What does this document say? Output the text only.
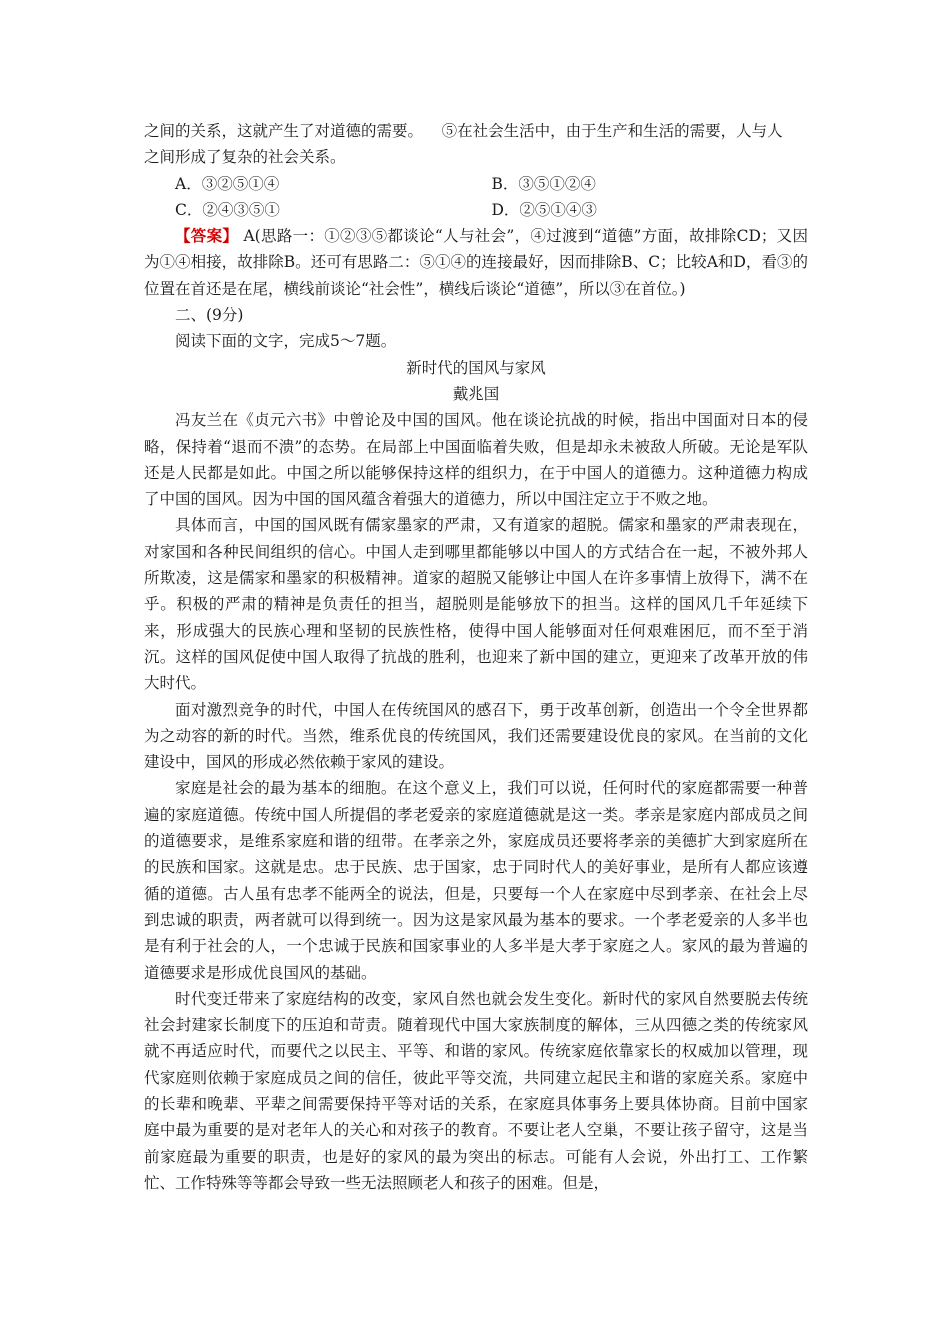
之间的关系，这就产生了对道德的需要。 ⑤在社会生活中，由于生产和生活的需要，人与人

之间形成了复杂的社会关系。

A．③②⑤①④	B．③⑤①②④
C．②④③⑤①	D．②⑤①④③

【答案】 A(思路一：①②③⑤都谈论“人与社会”，④过渡到“道德”方面，故排除CD；又因为①④相接，故排除B。还可有思路二：⑤①④的连接最好，因而排除B、C；比较A和D，看③的位置在首还是在尾，横线前谈论“社会性”，横线后谈论“道德”，所以③在首位。)

二、(9分)

阅读下面的文字，完成5～7题。

新时代的国风与家风

戴兆国

冯友兰在《贞元六书》中曾论及中国的国风。他在谈论抗战的时候，指出中国面对日本的侵略，保持着“退而不溃”的态势。在局部上中国面临着失败，但是却永未被敌人所破。无论是军队还是人民都是如此。中国之所以能够保持这样的组织力，在于中国人的道德力。这种道德力构成了中国的国风。因为中国的国风蕴含着强大的道德力，所以中国注定立于不败之地。

具体而言，中国的国风既有儒家墨家的严肃，又有道家的超脱。儒家和墨家的严肃表现在，对家国和各种民间组织的信心。中国人走到哪里都能够以中国人的方式结合在一起，不被外邦人所欺凌，这是儒家和墨家的积极精神。道家的超脱又能够让中国人在许多事情上放得下，满不在乎。积极的严肃的精神是负责任的担当，超脱则是能够放下的担当。这样的国风几千年延续下来，形成强大的民族心理和坚韧的民族性格，使得中国人能够面对任何艰难困厄，而不至于消沉。这样的国风促使中国人取得了抗战的胜利，也迎来了新中国的建立，更迎来了改革开放的伟大时代。

面对激烈竞争的时代，中国人在传统国风的感召下，勇于改革创新，创造出一个令全世界都为之动容的新的时代。当然，维系优良的传统国风，我们还需要建设优良的家风。在当前的文化建设中，国风的形成必然依赖于家风的建设。

家庭是社会的最为基本的细胞。在这个意义上，我们可以说，任何时代的家庭都需要一种普遍的家庭道德。传统中国人所提倡的孝老爱亲的家庭道德就是这一类。孝亲是家庭内部成员之间的道德要求，是维系家庭和谐的纽带。在孝亲之外，家庭成员还要将孝亲的美德扩大到家庭所在的民族和国家。这就是忠。忠于民族、忠于国家，忠于同时代人的美好事业，是所有人都应该遵循的道德。古人虽有忠孝不能两全的说法，但是，只要每一个人在家庭中尽到孝亲、在社会上尽到忠诚的职责，两者就可以得到统一。因为这是家风最为基本的要求。一个孝老爱亲的人多半也是有利于社会的人，一个忠诚于民族和国家事业的人多半是大孝于家庭之人。家风的最为普遍的道德要求是形成优良国风的基础。

时代变迁带来了家庭结构的改变，家风自然也就会发生变化。新时代的家风自然要脱去传统社会封建家长制度下的压迫和苛责。随着现代中国大家族制度的解体，三从四德之类的传统家风就不再适应时代，而要代之以民主、平等、和谐的家风。传统家庭依靠家长的权威加以管理，现代家庭则依赖于家庭成员之间的信任，彼此平等交流，共同建立起民主和谐的家庭关系。家庭中的长辈和晚辈、平辈之间需要保持平等对话的关系，在家庭具体事务上要具体协商。目前中国家庭中最为重要的是对老年人的关心和对孩子的教育。不要让老人空巢，不要让孩子留守，这是当前家庭最为重要的职责，也是好的家风的最为突出的标志。可能有人会说，外出打工、工作繁忙、工作特殊等等都会导致一些无法照顾老人和孩子的困难。但是，
